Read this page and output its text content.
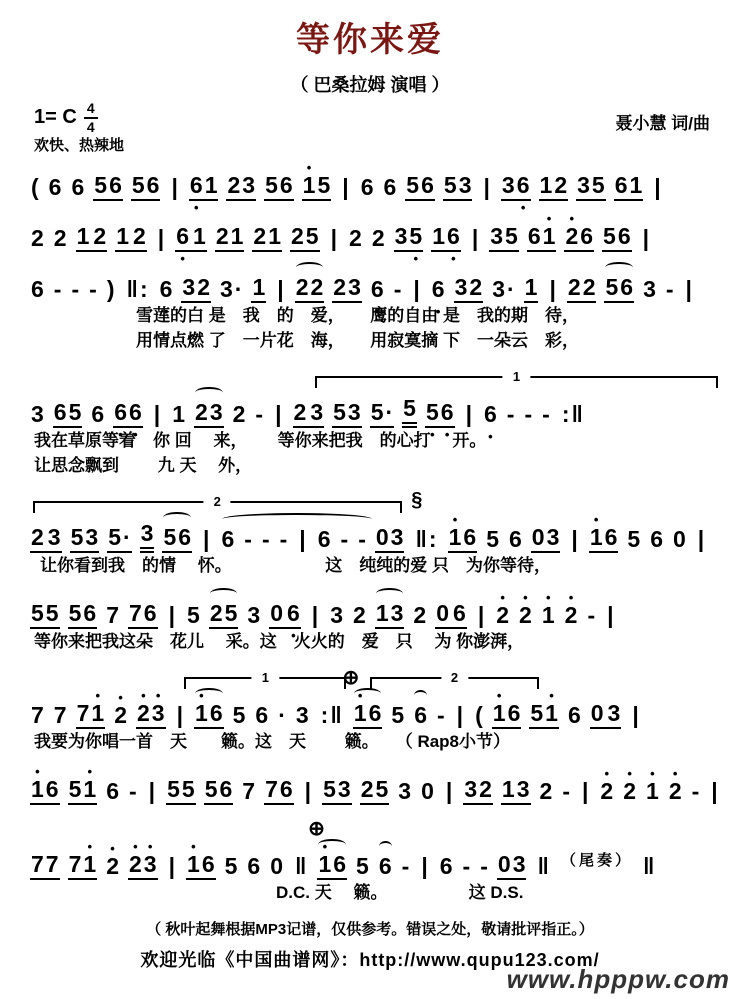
等你来爱
（ 巴桑拉姆 演唱 ）
1= C $\frac{4}{4}$	聂小慧 词/曲
欢快、热辣地
( 6 6 5 6 5 6 | 6 • 1 2 3 5 6 • 1 5 | 6 6 5 6 5 3 | 3 6 • 1 2 3 5 6 1 |
2 2 1 2 1 2 | 6 • 1 2 1 2 1 2 5 | 2 2 3 5 • 1 6 • | 3 5 6 • 1 • 2 6 5 6 |
6 - - - ) ‖ : 6 • 3 2 3 · 1 | 2 2 2 3 6 • - | 6 • 3 2 3 · 1 | 2 2 5 6 3 - |
雪莲的白 是　我　的　爱，　　鹰的自由 是　我的期　待，
用情点燃 了　一片花　海，　　用寂寞摘 下　一朵云　彩，
1
3 6 5 6 6 • 6 • | 1 2 3 2 - | 2 3 5 3 5 · 5 5 • 6 • | 6 • - - - : ‖
我在草原等着　你 回　 来，　　 等你来把我　的心打　 开。
让思念飘到　　 九 天　 外，
2	§
2 3 5 3 5 · 3 5 6 | 6 - - - | 6 - - 0 3 ‖ : • 1 6 5 6 0 3 | • 1 6 5 6 0 |
让你看到我　的情　 怀。　　　　　　这　纯纯的爱 只　为你等待，
5 5 5 6 7 7 6 | 5 2 5 3 0 6 • | 3 2 1 3 2 0 6 • | • 2 • 2 • 1 • 2 - |
等你来把我这朵　花儿　 采。这　火火的　爱　只　 为 你澎湃，
1	2
⊕
7 7 7 • 1 • 2 • 2 • 3 | • 1 6 5 6 · 3 : ‖ • 1 6 5 6 - | ( • 1 6 5 • 1 6 0 3 |
我要为你唱一首　天　　籁。这　天　　 籁。　　（ Rap8小节）
• 1 6 5 • 1 6 - | 5 5 5 6 7 7 6 | 5 3 2 5 3 0 | 3 2 1 3 2 - | • 2 • 2 • 1 • 2 - |
⊕
7 7 7 • 1 • 2 • 2 • 3 | • 1 6 5 6 0 ‖ • 1 6 5 6 - | 6 - - 0 3 ‖ （ 尾 奏 ） ‖
D.C. 天　 籁。　　　　　 这 D.S.
（ 秋叶起舞根据MP3记谱，仅供参考。错误之处，敬请批评指正。）
欢迎光临《中国曲谱网》：http://www.qupu123.com/
www.hpppw.com
